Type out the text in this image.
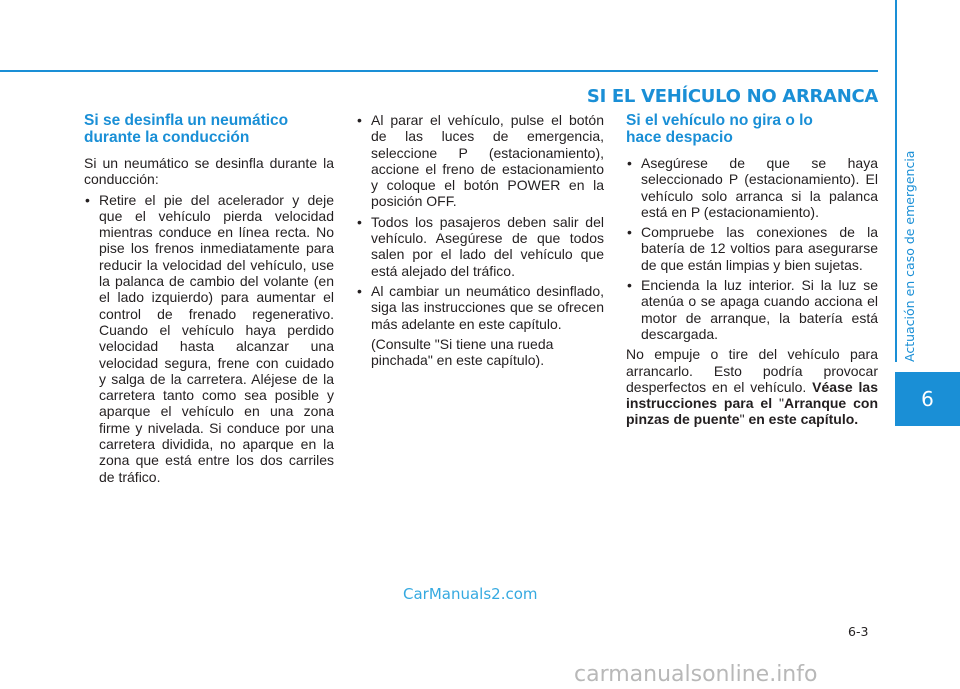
SI EL VEHÍCULO NO ARRANCA
Actuación en caso de emergencia
6
Si se desinfla un neumático
durante la conducción

Si un neumático se desinfla durante la conducción:

• Retire el pie del acelerador y deje que el vehículo pierda velocidad mientras conduce en línea recta. No pise los frenos inmediatamente para reducir la velocidad del vehículo, use la palanca de cambio del volante (en el lado izquierdo) para aumentar el control de frenado regenerativo. Cuando el vehículo haya perdido velocidad hasta alcanzar una velocidad segura, frene con cuidado y salga de la carretera. Aléjese de la carretera tanto como sea posible y aparque el vehículo en una zona firme y nivelada. Si conduce por una carretera dividida, no aparque en la zona que está entre los dos carriles de tráfico.
• Al parar el vehículo, pulse el botón de las luces de emergencia, seleccione P (estacionamiento), accione el freno de estacionamiento y coloque el botón POWER en la posición OFF.
• Todos los pasajeros deben salir del vehículo. Asegúrese de que todos salen por el lado del vehículo que está alejado del tráfico.
• Al cambiar un neumático desinflado, siga las instrucciones que se ofrecen más adelante en este capítulo.

(Consulte "Si tiene una rueda pinchada" en este capítulo).

Si el vehículo no gira o lo
hace despacio
• Asegúrese de que se haya seleccionado P (estacionamiento). El vehículo solo arranca si la palanca está en P (estacionamiento).
• Compruebe las conexiones de la batería de 12 voltios para asegurarse de que están limpias y bien sujetas.
• Encienda la luz interior. Si la luz se atenúa o se apaga cuando acciona el motor de arranque, la batería está descargada.

No empuje o tire del vehículo para arrancarlo. Esto podría provocar desperfectos en el vehículo. Véase las instrucciones para el "Arranque con pinzas de puente" en este capítulo.

6-3
CarManuals2.com
carmanualsonline.info
